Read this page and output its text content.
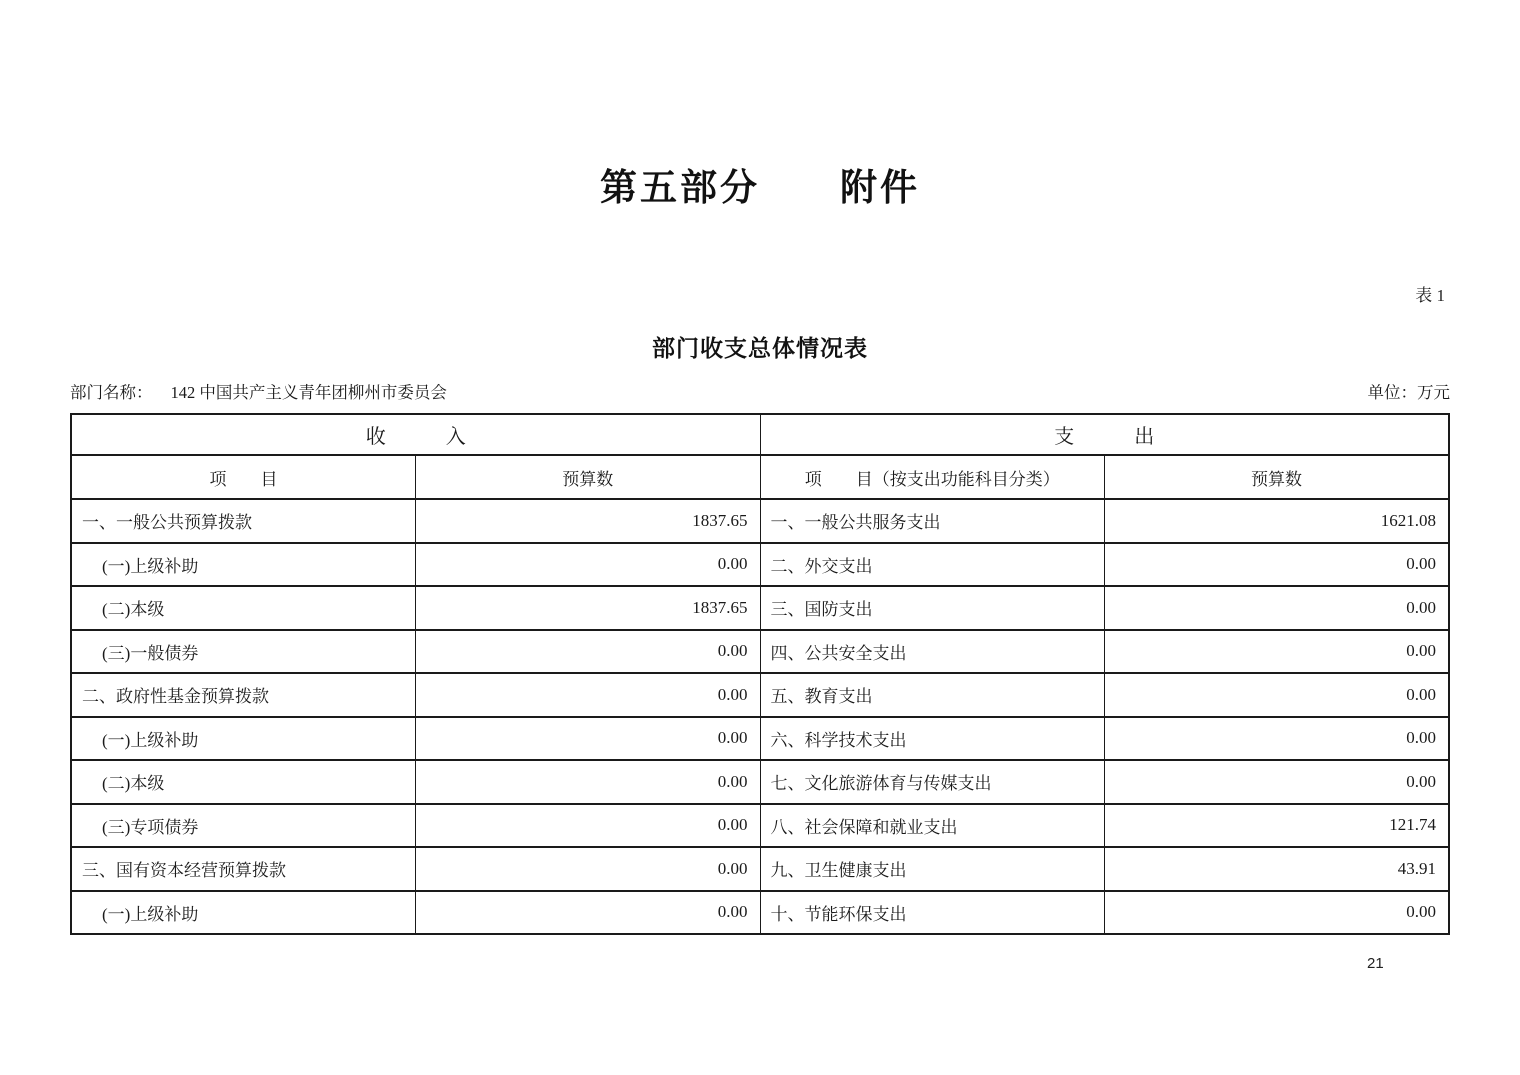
第五部分　　附件
表 1
部门收支总体情况表
部门名称： 142 中国共产主义青年团柳州市委员会	单位：万元
收　　　入		支　　　出	
项　　目	预算数	项　　目（按支出功能科目分类）	预算数
一、一般公共预算拨款	1837.65	一、一般公共服务支出	1621.08
(一)上级补助	0.00	二、外交支出	0.00
(二)本级	1837.65	三、国防支出	0.00
(三)一般债券	0.00	四、公共安全支出	0.00
二、政府性基金预算拨款	0.00	五、教育支出	0.00
(一)上级补助	0.00	六、科学技术支出	0.00
(二)本级	0.00	七、文化旅游体育与传媒支出	0.00
(三)专项债券	0.00	八、社会保障和就业支出	121.74
三、国有资本经营预算拨款	0.00	九、卫生健康支出	43.91
(一)上级补助	0.00	十、节能环保支出	0.00
21
